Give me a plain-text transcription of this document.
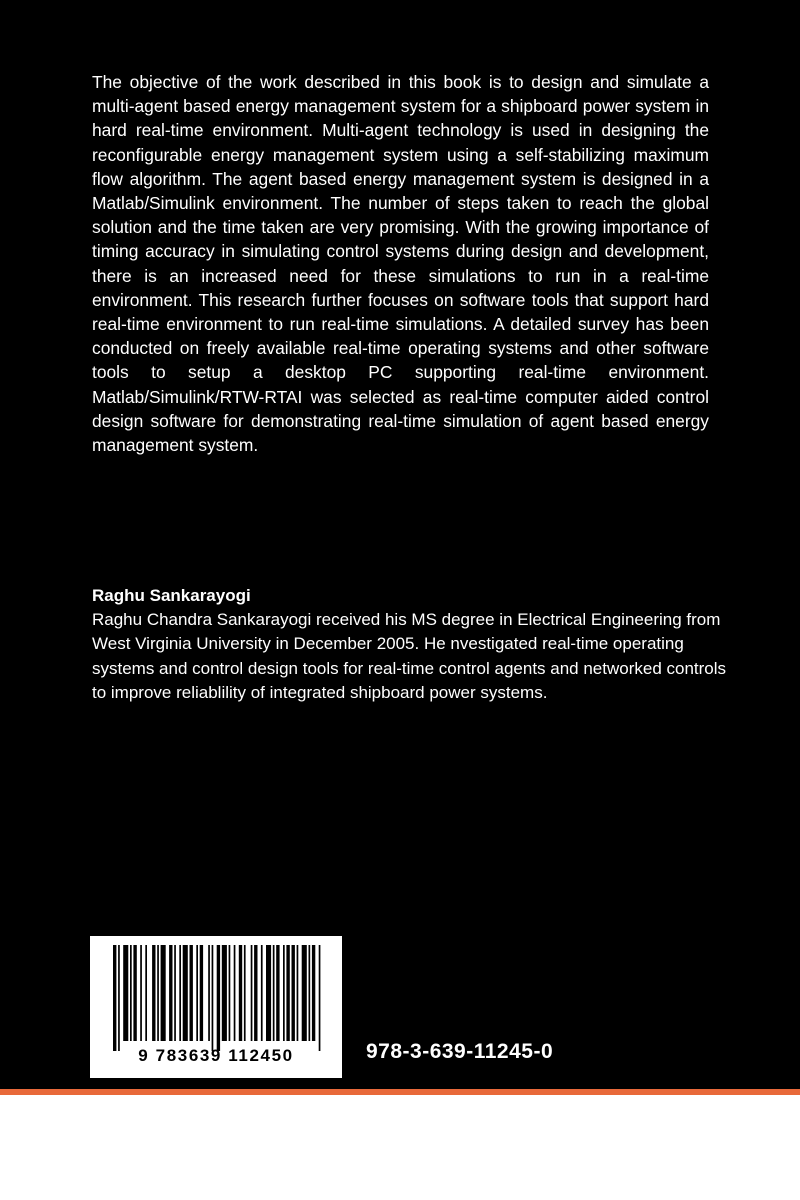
The objective of the work described in this book is to design and simulate a multi-agent based energy management system for a shipboard power system in hard real-time environment. Multi-agent technology is used in designing the reconfigurable energy management system using a self-stabilizing maximum flow algorithm. The agent based energy management system is designed in a Matlab/Simulink environment. The number of steps taken to reach the global solution and the time taken are very promising. With the growing importance of timing accuracy in simulating control systems during design and development, there is an increased need for these simulations to run in a real-time environment. This research further focuses on software tools that support hard real-time environment to run real-time simulations. A detailed survey has been conducted on freely available real-time operating systems and other software tools to setup a desktop PC supporting real-time environment. Matlab/Simulink/RTW-RTAI was selected as real-time computer aided control design software for demonstrating real-time simulation of agent based energy management system.

Raghu Sankarayogi

Raghu Chandra Sankarayogi received his MS degree in Electrical Engineering from West Virginia University in December 2005. He nvestigated real-time operating systems and control design tools for real-time control agents and networked controls to improve reliablility of integrated shipboard power systems.

9 783639 112450	978-3-639-11245-0
